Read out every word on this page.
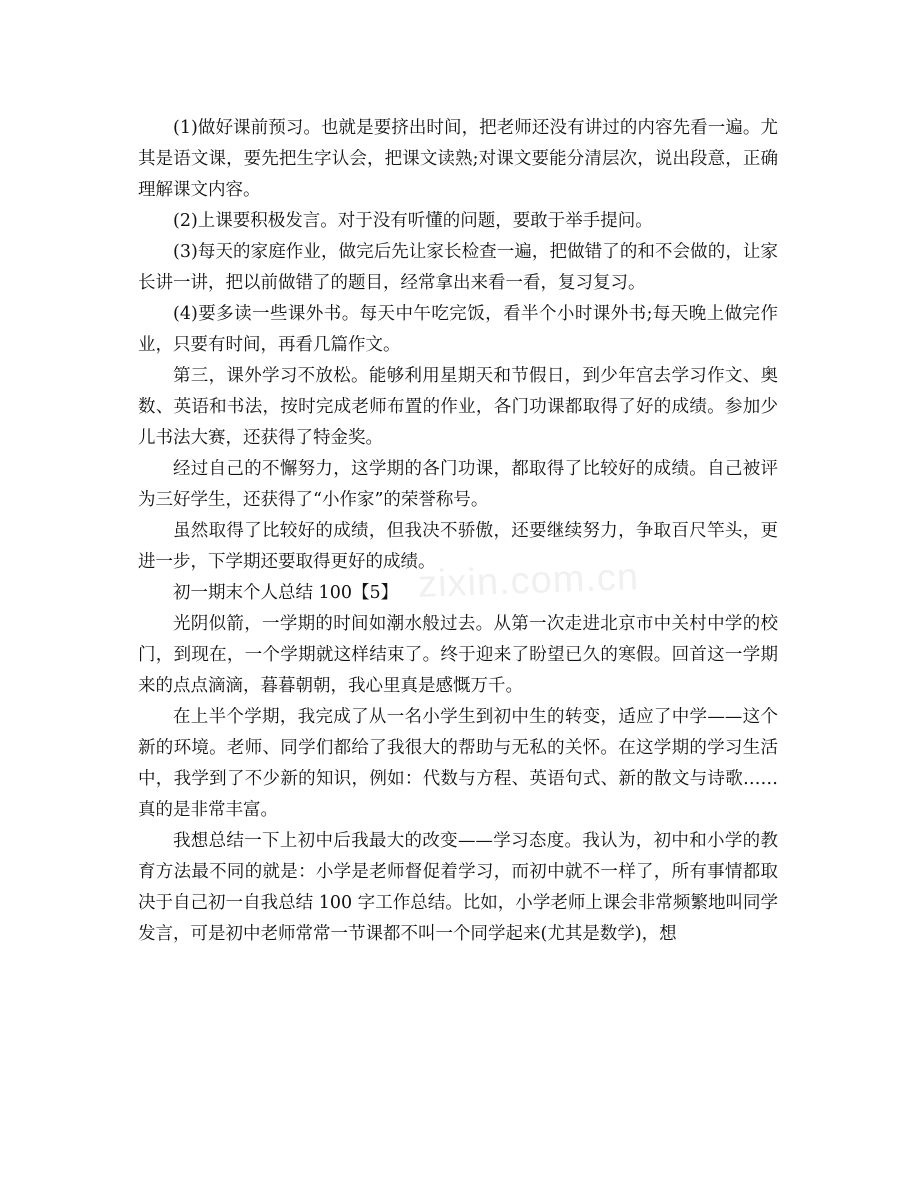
(1)做好课前预习。也就是要挤出时间，把老师还没有讲过的内容先看一遍。尤其是语文课，要先把生字认会，把课文读熟;对课文要能分清层次，说出段意，正确理解课文内容。

(2)上课要积极发言。对于没有听懂的问题，要敢于举手提问。

(3)每天的家庭作业，做完后先让家长检查一遍，把做错了的和不会做的，让家长讲一讲，把以前做错了的题目，经常拿出来看一看，复习复习。

(4)要多读一些课外书。每天中午吃完饭，看半个小时课外书;每天晚上做完作业，只要有时间，再看几篇作文。

第三，课外学习不放松。能够利用星期天和节假日，到少年宫去学习作文、奥数、英语和书法，按时完成老师布置的作业，各门功课都取得了好的成绩。参加少儿书法大赛，还获得了特金奖。

经过自己的不懈努力，这学期的各门功课，都取得了比较好的成绩。自己被评为三好学生，还获得了“小作家”的荣誉称号。

虽然取得了比较好的成绩，但我决不骄傲，还要继续努力，争取百尺竿头，更进一步，下学期还要取得更好的成绩。

初一期末个人总结 100【5】

光阴似箭，一学期的时间如潮水般过去。从第一次走进北京市中关村中学的校门，到现在，一个学期就这样结束了。终于迎来了盼望已久的寒假。回首这一学期来的点点滴滴，暮暮朝朝，我心里真是感慨万千。

在上半个学期，我完成了从一名小学生到初中生的转变，适应了中学——这个新的环境。老师、同学们都给了我很大的帮助与无私的关怀。在这学期的学习生活中，我学到了不少新的知识，例如：代数与方程、英语句式、新的散文与诗歌……真的是非常丰富。

我想总结一下上初中后我最大的改变——学习态度。我认为，初中和小学的教育方法最不同的就是：小学是老师督促着学习，而初中就不一样了，所有事情都取决于自己初一自我总结 100 字工作总结。比如，小学老师上课会非常频繁地叫同学发言，可是初中老师常常一节课都不叫一个同学起来(尤其是数学)，想

zixin.com.cn
